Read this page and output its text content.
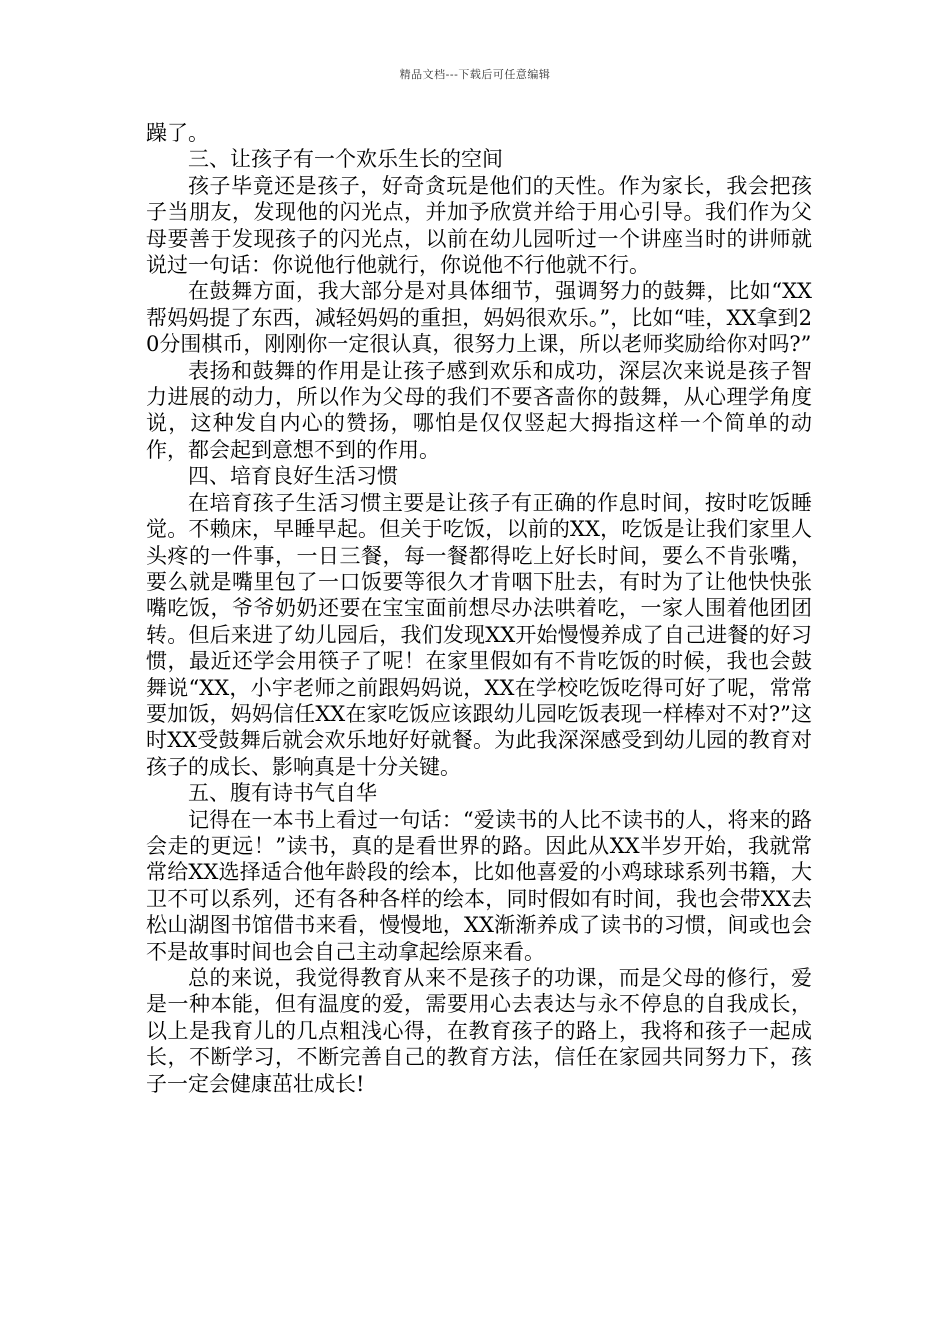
精品文档---下载后可任意编辑

躁了。

三、让孩子有一个欢乐生长的空间

孩子毕竟还是孩子，好奇贪玩是他们的天性。作为家长，我会把孩子当朋友，发现他的闪光点，并加予欣赏并给于用心引导。我们作为父母要善于发现孩子的闪光点，以前在幼儿园听过一个讲座当时的讲师就说过一句话：你说他行他就行，你说他不行他就不行。

在鼓舞方面，我大部分是对具体细节，强调努力的鼓舞，比如“XX帮妈妈提了东西，减轻妈妈的重担，妈妈很欢乐。”，比如“哇，XX拿到20分围棋币，刚刚你一定很认真，很努力上课，所以老师奖励给你对吗?”

表扬和鼓舞的作用是让孩子感到欢乐和成功，深层次来说是孩子智力进展的动力，所以作为父母的我们不要吝啬你的鼓舞，从心理学角度说，这种发自内心的赞扬，哪怕是仅仅竖起大拇指这样一个简单的动作，都会起到意想不到的作用。

四、培育良好生活习惯

在培育孩子生活习惯主要是让孩子有正确的作息时间，按时吃饭睡觉。不赖床，早睡早起。但关于吃饭，以前的XX，吃饭是让我们家里人头疼的一件事，一日三餐，每一餐都得吃上好长时间，要么不肯张嘴，要么就是嘴里包了一口饭要等很久才肯咽下肚去，有时为了让他快快张嘴吃饭，爷爷奶奶还要在宝宝面前想尽办法哄着吃，一家人围着他团团转。但后来进了幼儿园后，我们发现XX开始慢慢养成了自己进餐的好习惯，最近还学会用筷子了呢！在家里假如有不肯吃饭的时候，我也会鼓舞说“XX，小宇老师之前跟妈妈说，XX在学校吃饭吃得可好了呢，常常要加饭，妈妈信任XX在家吃饭应该跟幼儿园吃饭表现一样棒对不对?”这时XX受鼓舞后就会欢乐地好好就餐。为此我深深感受到幼儿园的教育对孩子的成长、影响真是十分关键。

五、腹有诗书气自华

记得在一本书上看过一句话：“爱读书的人比不读书的人，将来的路会走的更远！”读书，真的是看世界的路。因此从XX半岁开始，我就常常给XX选择适合他年龄段的绘本，比如他喜爱的小鸡球球系列书籍，大卫不可以系列，还有各种各样的绘本，同时假如有时间，我也会带XX去松山湖图书馆借书来看，慢慢地，XX渐渐养成了读书的习惯，间或也会不是故事时间也会自己主动拿起绘原来看。

总的来说，我觉得教育从来不是孩子的功课，而是父母的修行，爱是一种本能，但有温度的爱，需要用心去表达与永不停息的自我成长，以上是我育儿的几点粗浅心得，在教育孩子的路上，我将和孩子一起成长，不断学习，不断完善自己的教育方法，信任在家园共同努力下，孩子一定会健康茁壮成长!
